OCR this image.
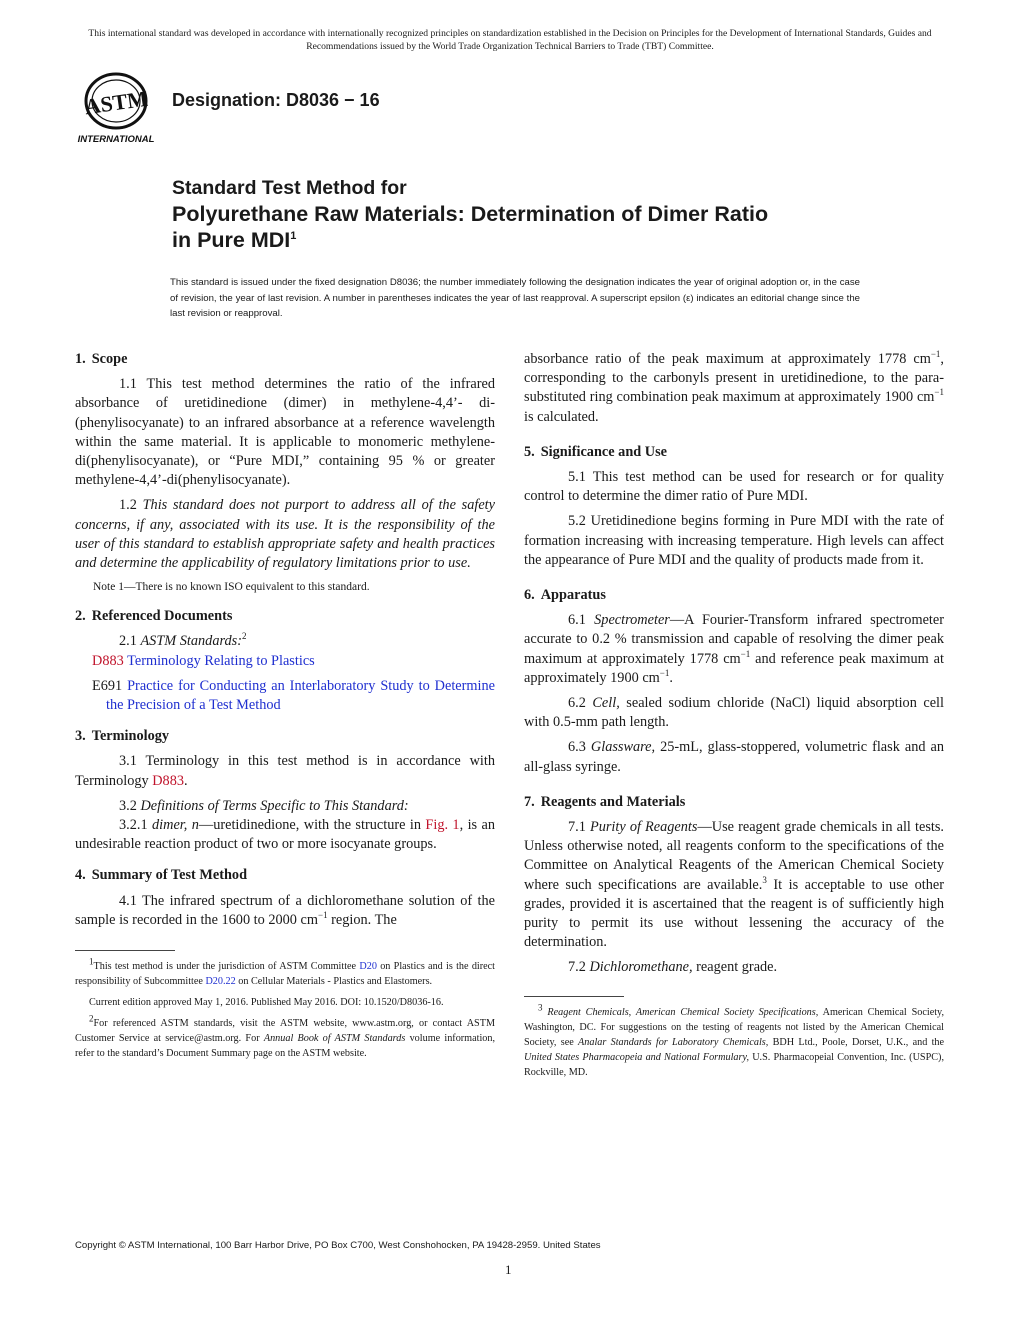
This international standard was developed in accordance with internationally recognized principles on standardization established in the Decision on Principles for the Development of International Standards, Guides and Recommendations issued by the World Trade Organization Technical Barriers to Trade (TBT) Committee.
ASTM
INTERNATIONAL
Designation: D8036 − 16
Standard Test Method for
Polyurethane Raw Materials: Determination of Dimer Ratio
in Pure MDI$^1$
This standard is issued under the fixed designation D8036; the number immediately following the designation indicates the year of original adoption or, in the case of revision, the year of last revision. A number in parentheses indicates the year of last reapproval. A superscript epsilon (ε) indicates an editorial change since the last revision or reapproval.
1. Scope

1.1 This test method determines the ratio of the infrared absorbance of uretidinedione (dimer) in methylene-4,4’- di-(phenylisocyanate) to an infrared absorbance at a reference wavelength within the same material. It is applicable to monomeric methylene-di(phenylisocyanate), or “Pure MDI,” containing 95 % or greater methylene-4,4’-di(phenylisocyanate).

1.2 This standard does not purport to address all of the safety concerns, if any, associated with its use. It is the responsibility of the user of this standard to establish appropriate safety and health practices and determine the applicability of regulatory limitations prior to use.

Note 1—There is no known ISO equivalent to this standard.

2. Referenced Documents

2.1 ASTM Standards:$^2$

D883 Terminology Relating to Plastics

E691 Practice for Conducting an Interlaboratory Study to Determine the Precision of a Test Method

3. Terminology

3.1 Terminology in this test method is in accordance with Terminology D883.

3.2 Definitions of Terms Specific to This Standard:

3.2.1 dimer, n—uretidinedione, with the structure in Fig. 1, is an undesirable reaction product of two or more isocyanate groups.

4. Summary of Test Method

4.1 The infrared spectrum of a dichloromethane solution of the sample is recorded in the 1600 to 2000 $cm^{-1}$ region. The

$^1$This test method is under the jurisdiction of ASTM Committee D20 on Plastics and is the direct responsibility of Subcommittee D20.22 on Cellular Materials - Plastics and Elastomers.

Current edition approved May 1, 2016. Published May 2016. DOI: 10.1520/D8036-16.

$^2$For referenced ASTM standards, visit the ASTM website, www.astm.org, or contact ASTM Customer Service at service@astm.org. For Annual Book of ASTM Standards volume information, refer to the standard’s Document Summary page on the ASTM website.

absorbance ratio of the peak maximum at approximately 1778 $cm^{-1}$, corresponding to the carbonyls present in uretidinedione, to the para-substituted ring combination peak maximum at approximately 1900 $cm^{-1}$ is calculated.

5. Significance and Use

5.1 This test method can be used for research or for quality control to determine the dimer ratio of Pure MDI.

5.2 Uretidinedione begins forming in Pure MDI with the rate of formation increasing with increasing temperature. High levels can affect the appearance of Pure MDI and the quality of products made from it.

6. Apparatus

6.1 Spectrometer—A Fourier-Transform infrared spectrometer accurate to 0.2 % transmission and capable of resolving the dimer peak maximum at approximately 1778 $cm^{-1}$ and reference peak maximum at approximately 1900 $cm^{-1}$.

6.2 Cell, sealed sodium chloride (NaCl) liquid absorption cell with 0.5-mm path length.

6.3 Glassware, 25-mL, glass-stoppered, volumetric flask and an all-glass syringe.

7. Reagents and Materials

7.1 Purity of Reagents—Use reagent grade chemicals in all tests. Unless otherwise noted, all reagents conform to the specifications of the Committee on Analytical Reagents of the American Chemical Society where such specifications are available.$^3$ It is acceptable to use other grades, provided it is ascertained that the reagent is of sufficiently high purity to permit its use without lessening the accuracy of the determination.

7.2 Dichloromethane, reagent grade.

$^3$ Reagent Chemicals, American Chemical Society Specifications, American Chemical Society, Washington, DC. For suggestions on the testing of reagents not listed by the American Chemical Society, see Analar Standards for Laboratory Chemicals, BDH Ltd., Poole, Dorset, U.K., and the United States Pharmacopeia and National Formulary, U.S. Pharmacopeial Convention, Inc. (USPC), Rockville, MD.

Copyright © ASTM International, 100 Barr Harbor Drive, PO Box C700, West Conshohocken, PA 19428-2959. United States
1
